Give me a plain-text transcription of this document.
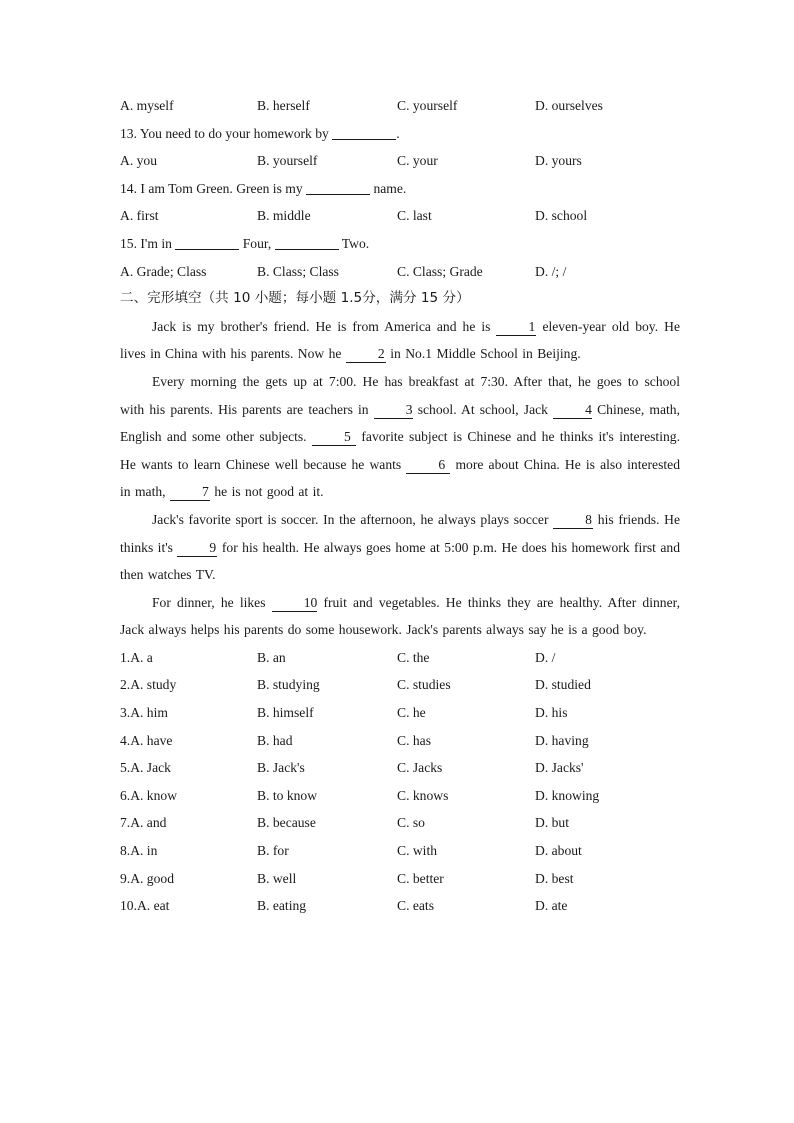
A. myself	B. herself	C. yourself	D. ourselves
13. You need to do your homework by	.
A. you	B. yourself	C. your	D. yours
14. I am Tom Green. Green is my	name.
A. first	B. middle	C. last	D. school
15. I'm in	Four,	Two.
A. Grade; Class	B. Class; Class	C. Class; Grade	D. /; /
二、完形填空（共 10 小题；每小题 1.5分，满分 15 分）

Jack is my brother's friend. He is from America and he is 1 eleven-year old boy. He lives in China with his parents. Now he 2 in No.1 Middle School in Beijing.

Every morning the gets up at 7:00. He has breakfast at 7:30. After that, he goes to school with his parents. His parents are teachers in 3 school. At school, Jack 4 Chinese, math, English and some other subjects. 5 favorite subject is Chinese and he thinks it's interesting. He wants to learn Chinese well because he wants 6 more about China. He is also interested in math, 7 he is not good at it.

Jack's favorite sport is soccer. In the afternoon, he always plays soccer 8 his friends. He thinks it's 9 for his health. He always goes home at 5:00 p.m. He does his homework first and then watches TV.

For dinner, he likes 10 fruit and vegetables. He thinks they are healthy. After dinner, Jack always helps his parents do some housework. Jack's parents always say he is a good boy.

1.A. a	B. an	C. the	D. /
2.A. study	B. studying	C. studies	D. studied
3.A. him	B. himself	C. he	D. his
4.A. have	B. had	C. has	D. having
5.A. Jack	B. Jack's	C. Jacks	D. Jacks'
6.A. know	B. to know	C. knows	D. knowing
7.A. and	B. because	C. so	D. but
8.A. in	B. for	C. with	D. about
9.A. good	B. well	C. better	D. best
10.A. eat	B. eating	C. eats	D. ate
